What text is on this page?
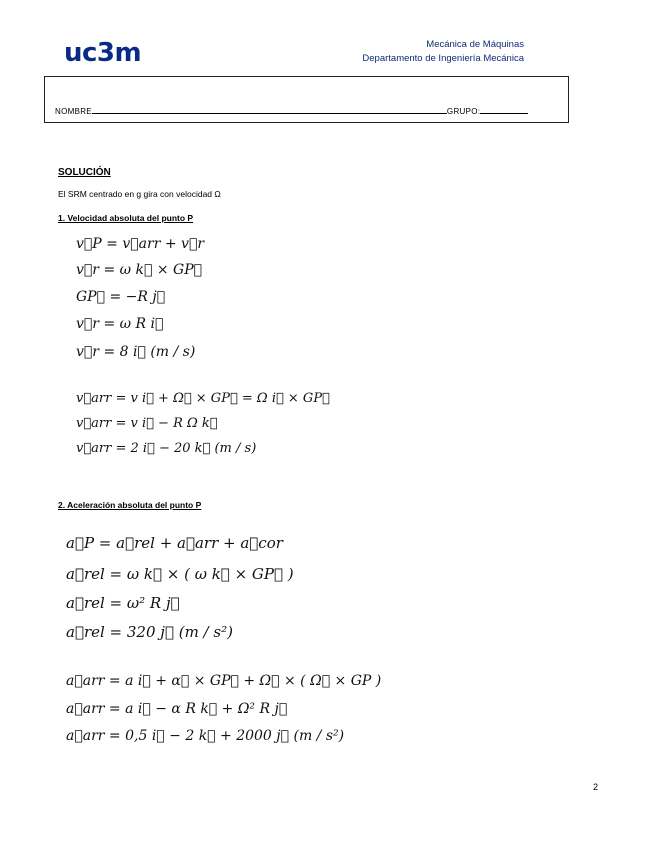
uc3m	Mecánica de Máquinas
Departamento de Ingeniería Mecánica
NOMBRE	GRUPO:
SOLUCIÓN
El SRM centrado en g gira con velocidad Ω
1. Velocidad absoluta del punto P
v⃗P = v⃗arr + v⃗r
v⃗r = ω k⃗ × GP⃗
GP⃗ = −R j⃗
v⃗r = ω R i⃗
v⃗r = 8 i⃗ (m / s)
v⃗arr = v i⃗ + Ω⃗ × GP⃗ = Ω i⃗ × GP⃗
v⃗arr = v i⃗ − R Ω k⃗
v⃗arr = 2 i⃗ − 20 k⃗ (m / s)
2. Aceleración absoluta del punto P
a⃗P = a⃗rel + a⃗arr + a⃗cor
a⃗rel = ω k⃗ × ( ω k⃗ × GP⃗ )
a⃗rel = ω² R j⃗
a⃗rel = 320 j⃗ (m / s²)
a⃗arr = a i⃗ + α⃗ × GP⃗ + Ω⃗ × ( Ω⃗ × GP )
a⃗arr = a i⃗ − α R k⃗ + Ω² R j⃗
a⃗arr = 0,5 i⃗ − 2 k⃗ + 2000 j⃗ (m / s²)
2
